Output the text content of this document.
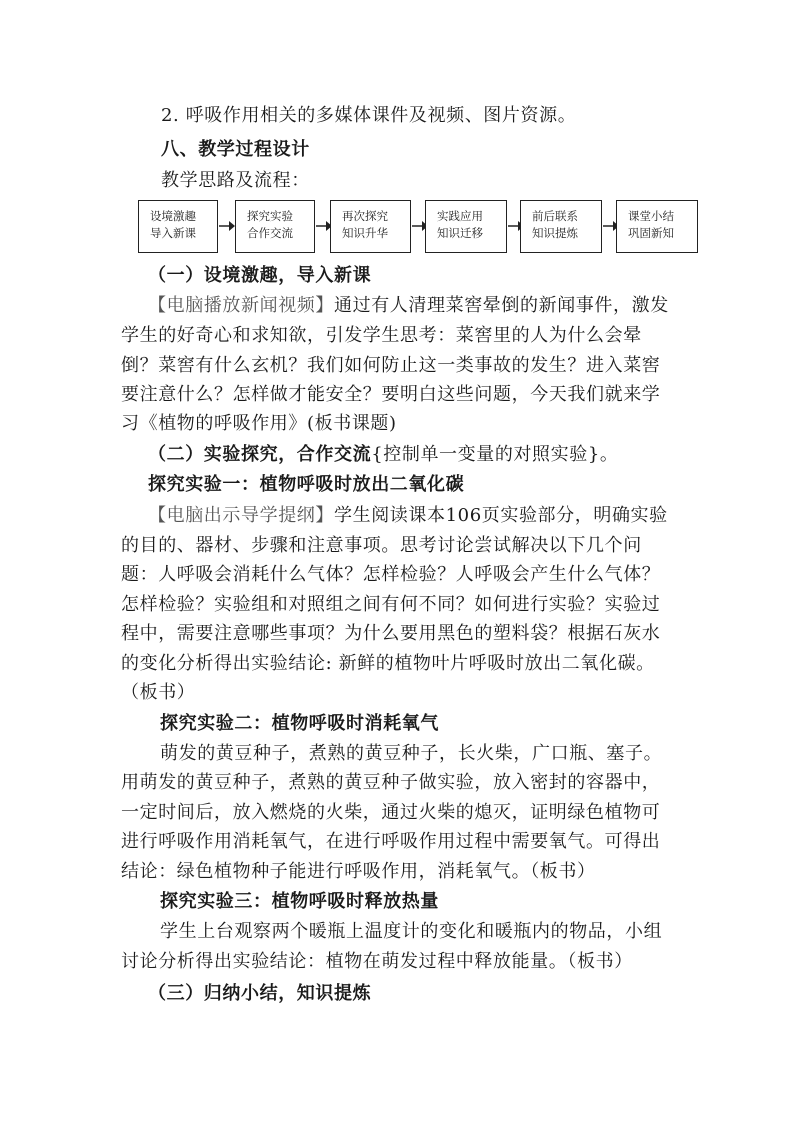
2. 呼吸作用相关的多媒体课件及视频、图片资源。
八、教学过程设计
教学思路及流程：
设境激趣
导入新课
探究实验
合作交流
再次探究
知识升华
实践应用
知识迁移
前后联系
知识提炼
课堂小结
巩固新知
（一）设境激趣，导入新课
【电脑播放新闻视频】通过有人清理菜窖晕倒的新闻事件，激发
学生的好奇心和求知欲，引发学生思考：菜窖里的人为什么会晕
倒？菜窖有什么玄机？我们如何防止这一类事故的发生？进入菜窖
要注意什么？怎样做才能安全？要明白这些问题，今天我们就来学
习《植物的呼吸作用》(板书课题)
（二）实验探究，合作交流{控制单一变量的对照实验}。
探究实验一：植物呼吸时放出二氧化碳
【电脑出示导学提纲】学生阅读课本106页实验部分，明确实验
的目的、器材、步骤和注意事项。思考讨论尝试解决以下几个问
题：人呼吸会消耗什么气体？怎样检验？人呼吸会产生什么气体？
怎样检验？实验组和对照组之间有何不同？如何进行实验？实验过
程中，需要注意哪些事项？为什么要用黑色的塑料袋？根据石灰水
的变化分析得出实验结论: 新鲜的植物叶片呼吸时放出二氧化碳。
（板书）
探究实验二：植物呼吸时消耗氧气
萌发的黄豆种子，煮熟的黄豆种子，长火柴，广口瓶、塞子。
用萌发的黄豆种子，煮熟的黄豆种子做实验，放入密封的容器中，
一定时间后，放入燃烧的火柴，通过火柴的熄灭，证明绿色植物可
进行呼吸作用消耗氧气，在进行呼吸作用过程中需要氧气。可得出
结论：绿色植物种子能进行呼吸作用，消耗氧气。（板书）
探究实验三：植物呼吸时释放热量
学生上台观察两个暖瓶上温度计的变化和暖瓶内的物品，小组
讨论分析得出实验结论：植物在萌发过程中释放能量。（板书）
（三）归纳小结，知识提炼
